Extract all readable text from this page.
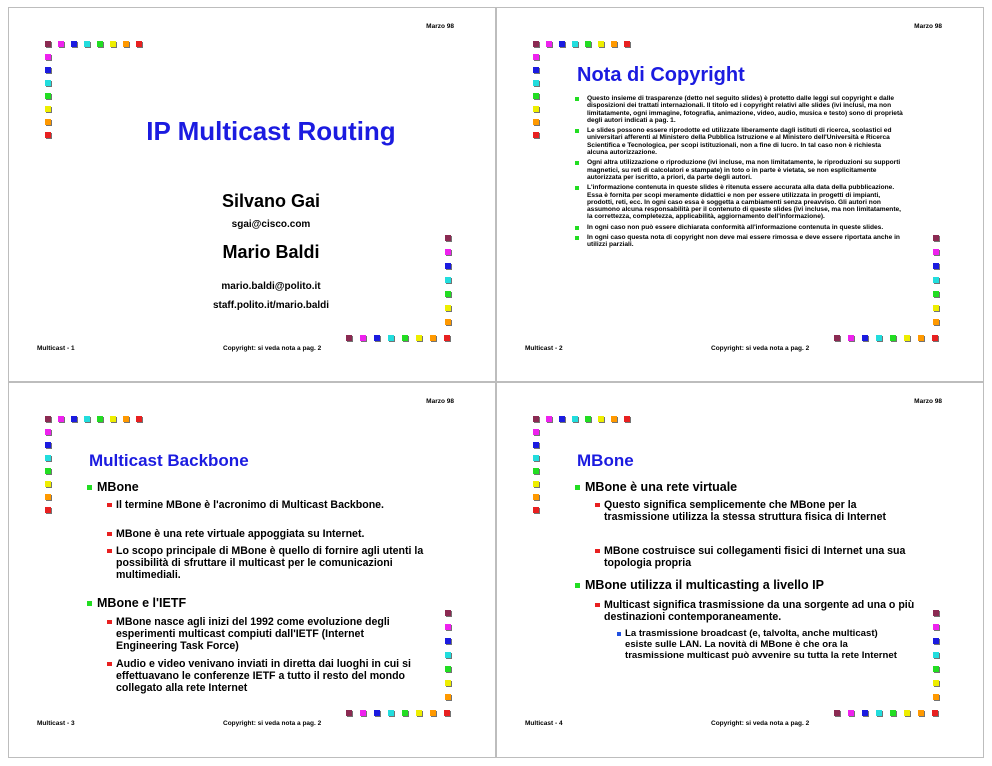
Marzo 98
IP Multicast Routing
Silvano Gai
sgai@cisco.com
Mario Baldi
mario.baldi@polito.it
staff.polito.it/mario.baldi
Multicast - 1	Copyright: si veda nota a pag. 2
Marzo 98
Nota di Copyright
Questo insieme di trasparenze (detto nel seguito slides) è protetto dalle leggi sul copyright e dalle disposizioni dei trattati internazionali. Il titolo ed i copyright relativi alle slides (ivi inclusi, ma non limitatamente, ogni immagine, fotografia, animazione, video, audio, musica e testo) sono di proprietà degli autori indicati a pag. 1.
Le slides possono essere riprodotte ed utilizzate liberamente dagli istituti di ricerca, scolastici ed universitari afferenti al Ministero della Pubblica Istruzione e al Ministero dell'Università e Ricerca Scientifica e Tecnologica, per scopi istituzionali, non a fine di lucro. In tal caso non è richiesta alcuna autorizzazione.
Ogni altra utilizzazione o riproduzione (ivi incluse, ma non limitatamente, le riproduzioni su supporti magnetici, su reti di calcolatori e stampate) in toto o in parte è vietata, se non esplicitamente autorizzata per iscritto, a priori, da parte degli autori.
L'informazione contenuta in queste slides è ritenuta essere accurata alla data della pubblicazione. Essa è fornita per scopi meramente didattici e non per essere utilizzata in progetti di impianti, prodotti, reti, ecc. In ogni caso essa è soggetta a cambiamenti senza preavviso. Gli autori non assumono alcuna responsabilità per il contenuto di queste slides (ivi incluse, ma non limitatamente, la correttezza, completezza, applicabilità, aggiornamento dell'informazione).
In ogni caso non può essere dichiarata conformità all'informazione contenuta in queste slides.
In ogni caso questa nota di copyright non deve mai essere rimossa e deve essere riportata anche in utilizzi parziali.
Multicast - 2	Copyright: si veda nota a pag. 2
Marzo 98
Multicast Backbone
MBone
Il termine MBone è l'acronimo di Multicast Backbone.
MBone è una rete virtuale appoggiata su Internet.
Lo scopo principale di MBone è quello di fornire agli utenti la possibilità di sfruttare il multicast per le comunicazioni multimediali.
MBone e l'IETF
MBone nasce agli inizi del 1992 come evoluzione degli esperimenti multicast compiuti dall'IETF (Internet Engineering Task Force)
Audio e video venivano inviati in diretta dai luoghi in cui si effettuavano le conferenze IETF a tutto il resto del mondo collegato alla rete Internet
Multicast - 3	Copyright: si veda nota a pag. 2
Marzo 98
MBone
MBone è una rete virtuale
Questo significa semplicemente che MBone per la trasmissione utilizza la stessa struttura fisica di Internet
MBone costruisce sui collegamenti fisici di Internet una sua topologia propria
MBone utilizza il multicasting a livello IP
Multicast significa trasmissione da una sorgente ad una o più destinazioni contemporaneamente.
La trasmissione broadcast (e, talvolta, anche multicast) esiste sulle LAN. La novità di MBone è che ora la trasmissione multicast può avvenire su tutta la rete Internet
Multicast - 4	Copyright: si veda nota a pag. 2
